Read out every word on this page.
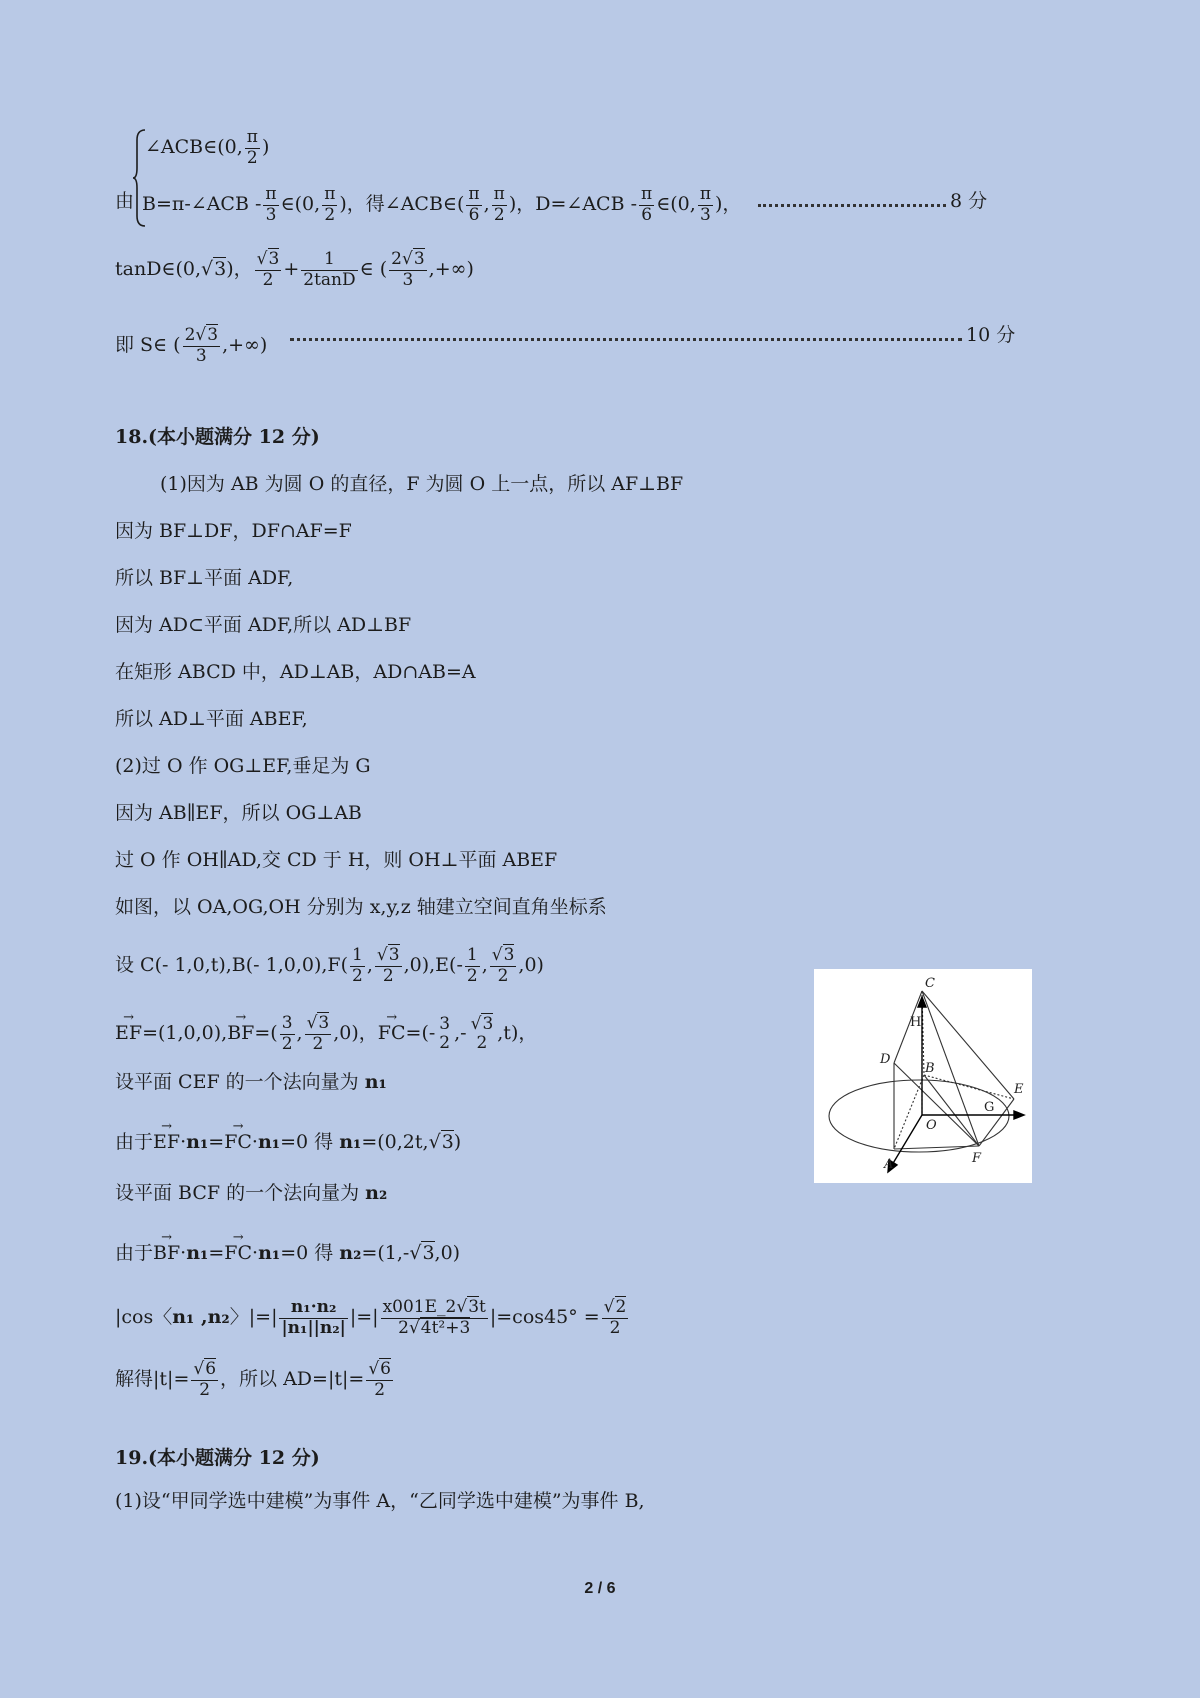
∠ACB∈(0, $\frac{\pi}{2}$ )
由 B=π-∠ACB - $\frac{\pi}{3}$ ∈(0, $\frac{\pi}{2}$ )，得∠ACB∈( $\frac{\pi}{6}$ , $\frac{\pi}{2}$ )，D=∠ACB - $\frac{\pi}{6}$ ∈(0, $\frac{\pi}{3}$ )，	8 分
tanD∈(0,√3)， $\frac{√3}{2} + \frac{1}{2\tan D}$ ∈ ( $\frac{2√3}{3}$ ,+∞)
即 S∈ ( $\frac{2√3}{3}$ ,+∞)	10 分
18.(本小题满分 12 分)
(1)因为 AB 为圆 O 的直径，F 为圆 O 上一点，所以 AF⊥BF
因为 BF⊥DF，DF∩AF=F
所以 BF⊥平面 ADF,
因为 AD⊂平面 ADF,所以 AD⊥BF
在矩形 ABCD 中，AD⊥AB，AD∩AB=A
所以 AD⊥平面 ABEF,
(2)过 O 作 OG⊥EF,垂足为 G
因为 AB∥EF，所以 OG⊥AB
过 O 作 OH∥AD,交 CD 于 H，则 OH⊥平面 ABEF
如图，以 OA,OG,OH 分别为 x,y,z 轴建立空间直角坐标系
设 C(- 1,0,t),B(- $1,0,0),F( \frac{1}{2}$ , $\frac{√3}{2} ,0),E(- \frac{1}{2}$ , $\frac{√3}{2} ,0$)
→ $EF=(1,0,0),\to BF=( \frac{3}{2}$ , $\frac{√3}{2} ,0$)，→ FC=(- 3
2 ,- √3
2 ,t)，
设平面 CEF 的一个法向量为 n₁
由于→ EF·n₁=→ FC·n₁=0 得 n₁=(0,2t,√3)
设平面 BCF 的一个法向量为 n₂
由于→ BF·n₁=→ FC·n₁=0 得 n₂=(1,-√3,0)
|cos〈n₁ ,n₂〉|=| $\frac{\text{n₁·n₂}}{\text{|n₁||n₂|}}$ |=| $\frac{x001E\_2√3t}{\text{2√4t²+3}} |=\cos 45^\circ = \frac{√2}{2}$
解得$|t|= \frac{√6}{2}$ ，所以 $AD=|t|= \frac{√6}{2}$
19.(本小题满分 12 分)
(1)设“甲同学选中建模”为事件 A，“乙同学选中建模”为事件 B,
C
H
D
B
E
G
O
A	F
2 / 6
